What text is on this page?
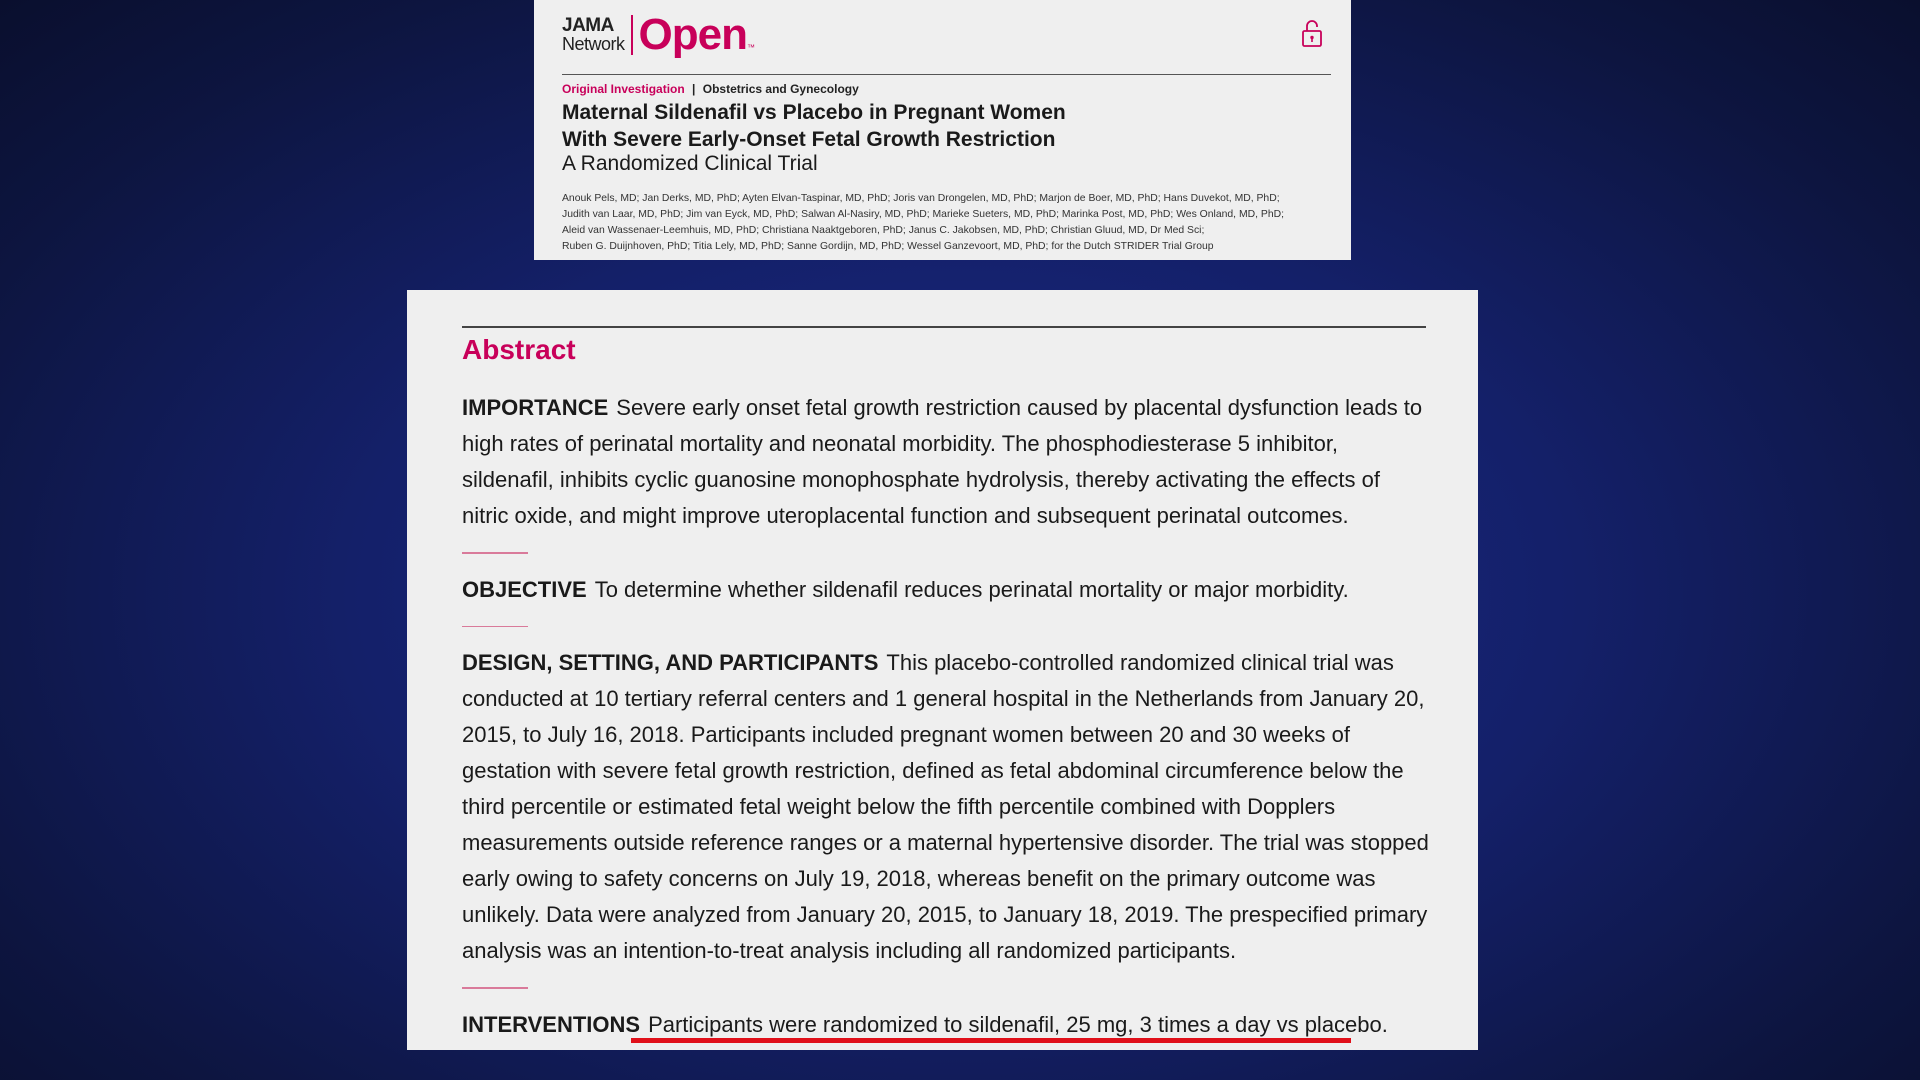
JAMA
Network Open ™
Original Investigation | Obstetrics and Gynecology
Maternal Sildenafil vs Placebo in Pregnant Women
With Severe Early-Onset Fetal Growth Restriction
A Randomized Clinical Trial
Anouk Pels, MD; Jan Derks, MD, PhD; Ayten Elvan-Taspinar, MD, PhD; Joris van Drongelen, MD, PhD; Marjon de Boer, MD, PhD; Hans Duvekot, MD, PhD;
Judith van Laar, MD, PhD; Jim van Eyck, MD, PhD; Salwan Al-Nasiry, MD, PhD; Marieke Sueters, MD, PhD; Marinka Post, MD, PhD; Wes Onland, MD, PhD;
Aleid van Wassenaer-Leemhuis, MD, PhD; Christiana Naaktgeboren, PhD; Janus C. Jakobsen, MD, PhD; Christian Gluud, MD, Dr Med Sci;
Ruben G. Duijnhoven, PhD; Titia Lely, MD, PhD; Sanne Gordijn, MD, PhD; Wessel Ganzevoort, MD, PhD; for the Dutch STRIDER Trial Group
Abstract

IMPORTANCE Severe early onset fetal growth restriction caused by placental dysfunction leads to high rates of perinatal mortality and neonatal morbidity. The phosphodiesterase 5 inhibitor, sildenafil, inhibits cyclic guanosine monophosphate hydrolysis, thereby activating the effects of nitric oxide, and might improve uteroplacental function and subsequent perinatal outcomes.

OBJECTIVE To determine whether sildenafil reduces perinatal mortality or major morbidity.

DESIGN, SETTING, AND PARTICIPANTS This placebo-controlled randomized clinical trial was conducted at 10 tertiary referral centers and 1 general hospital in the Netherlands from January 20, 2015, to July 16, 2018. Participants included pregnant women between 20 and 30 weeks of gestation with severe fetal growth restriction, defined as fetal abdominal circumference below the third percentile or estimated fetal weight below the fifth percentile combined with Dopplers measurements outside reference ranges or a maternal hypertensive disorder. The trial was stopped early owing to safety concerns on July 19, 2018, whereas benefit on the primary outcome was unlikely. Data were analyzed from January 20, 2015, to January 18, 2019. The prespecified primary analysis was an intention-to-treat analysis including all randomized participants.

INTERVENTIONS Participants were randomized to sildenafil, 25 mg, 3 times a day vs placebo.
